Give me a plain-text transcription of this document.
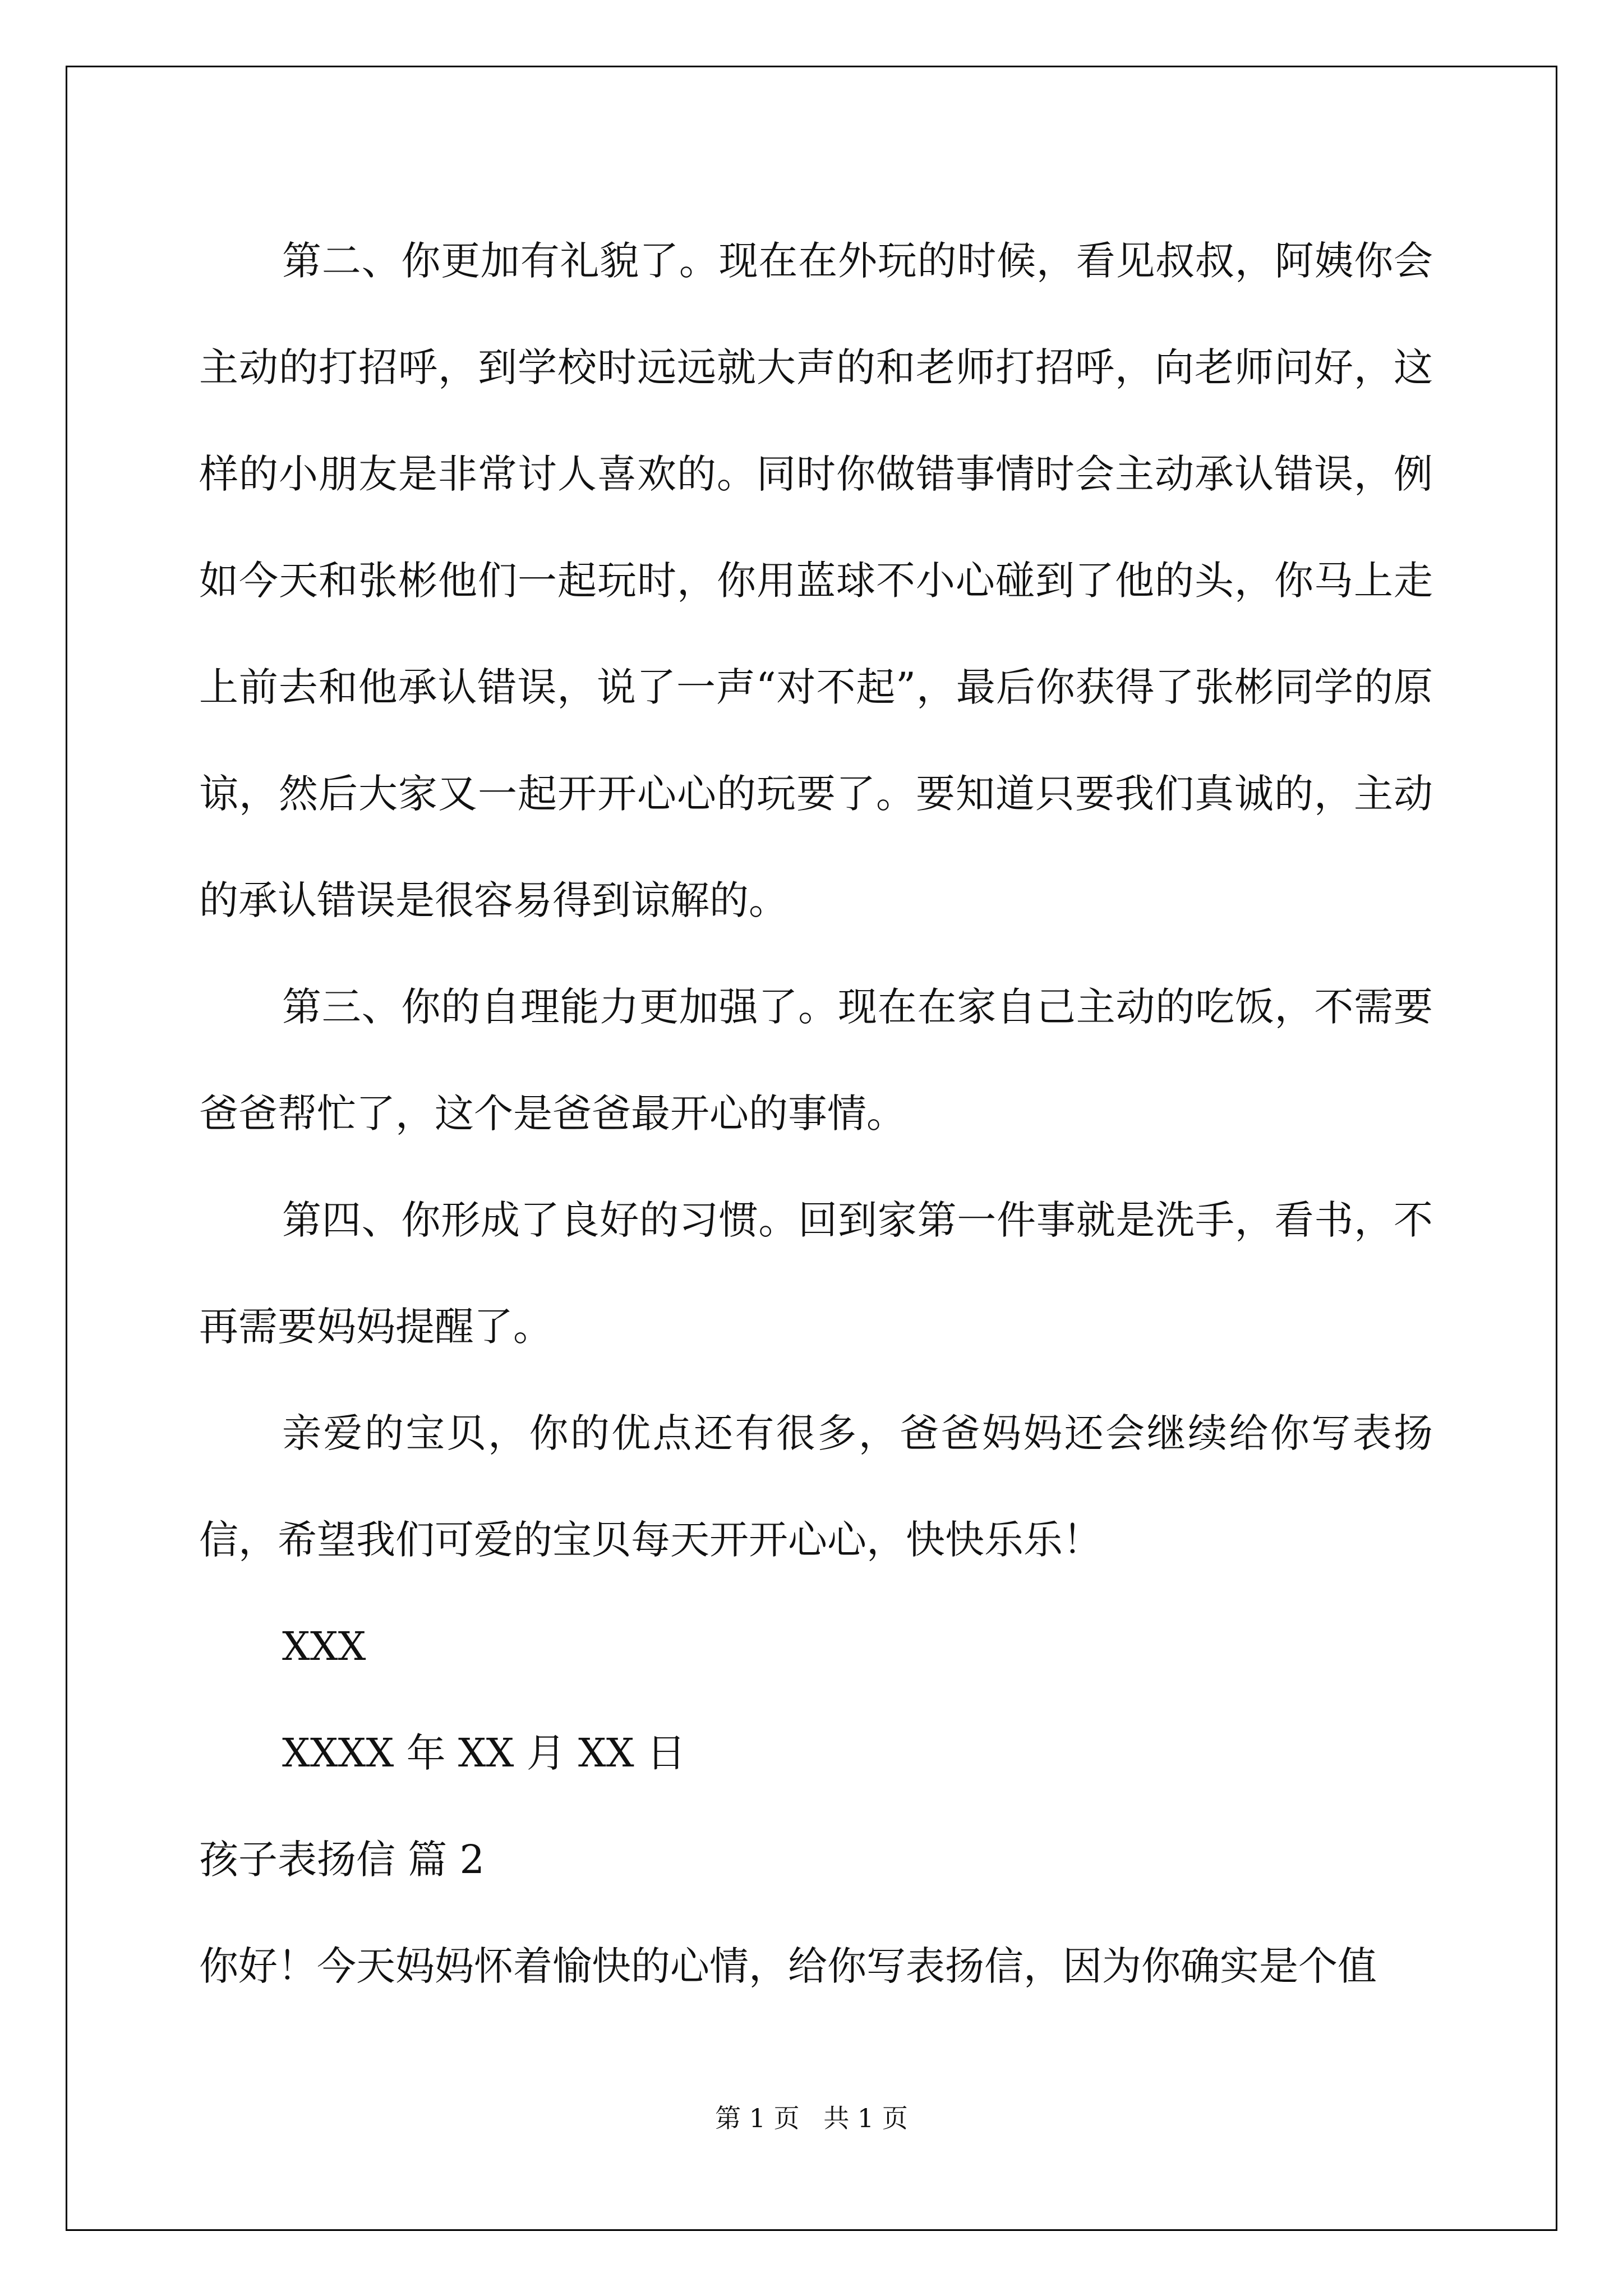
第二、你更加有礼貌了。现在在外玩的时候，看见叔叔，阿姨你会主动的打招呼，到学校时远远就大声的和老师打招呼，向老师问好，这样的小朋友是非常讨人喜欢的。同时你做错事情时会主动承认错误，例如今天和张彬他们一起玩时，你用蓝球不小心碰到了他的头，你马上走上前去和他承认错误，说了一声“对不起”，最后你获得了张彬同学的原谅，然后大家又一起开开心心的玩要了。要知道只要我们真诚的，主动的承认错误是很容易得到谅解的。

第三、你的自理能力更加强了。现在在家自己主动的吃饭，不需要爸爸帮忙了，这个是爸爸最开心的事情。

第四、你形成了良好的习惯。回到家第一件事就是洗手，看书，不再需要妈妈提醒了。

亲爱的宝贝，你的优点还有很多，爸爸妈妈还会继续给你写表扬信，希望我们可爱的宝贝每天开开心心，快快乐乐！

XXX

XXXX 年 XX 月 XX 日

孩子表扬信 篇 2

你好！今天妈妈怀着愉快的心情，给你写表扬信，因为你确实是个值

第 1 页 共 1 页
